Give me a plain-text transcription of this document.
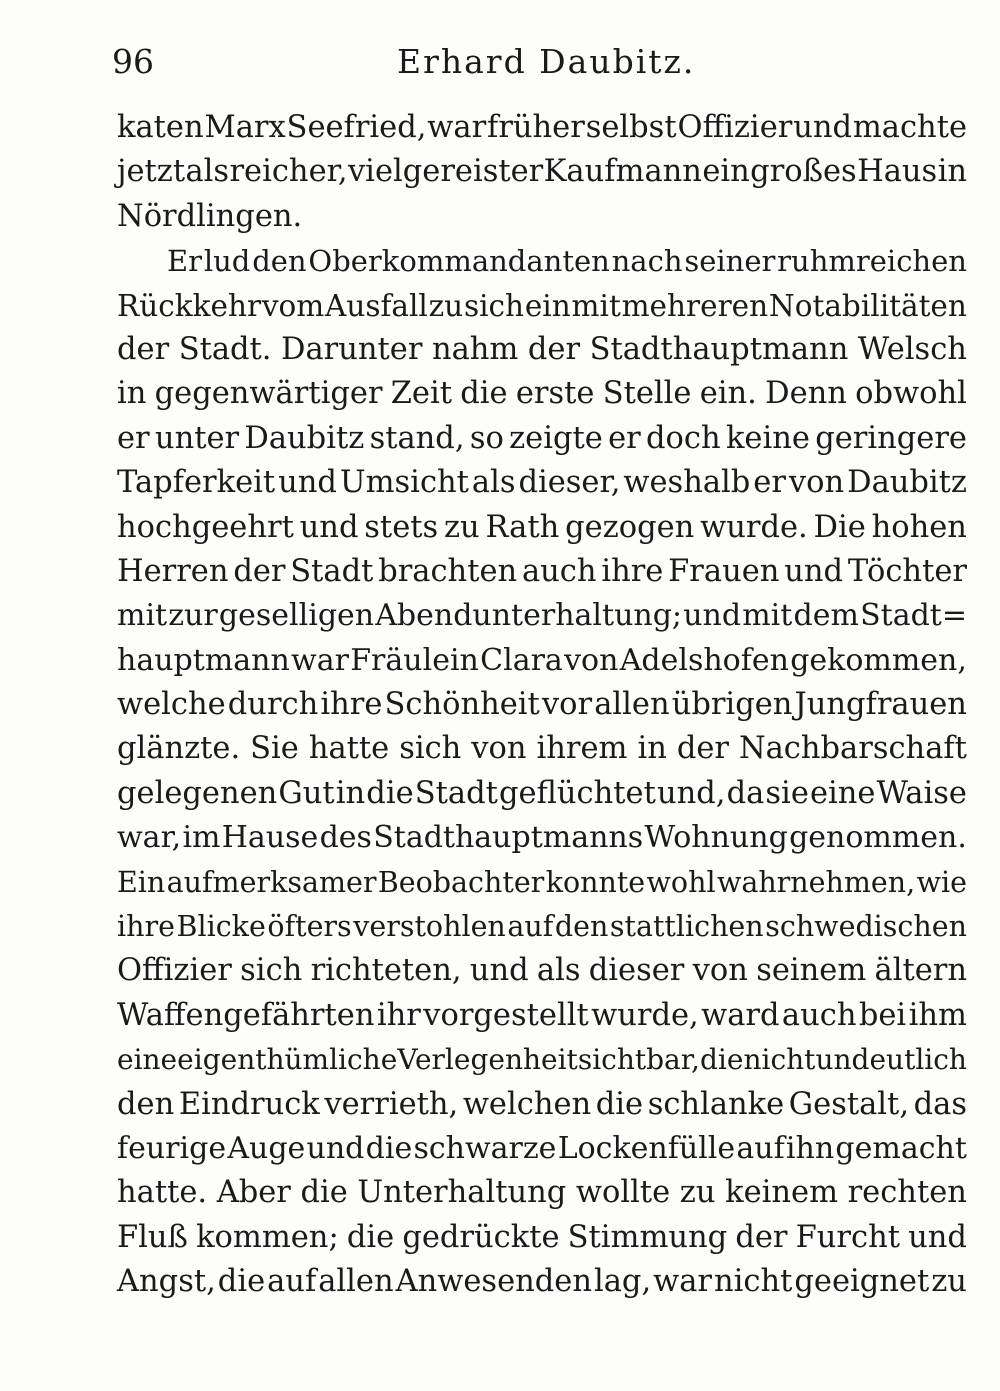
96	Erhard Daubitz.
katen Marx Seefried, war früher selbst Offizier und machte
jetzt als reicher, vielgereister Kaufmann ein großes Haus in
Nördlingen.
Er lud den Oberkommandanten nach seiner ruhmreichen
Rückkehr vom Ausfall zu sich ein mit mehreren Notabilitäten
der Stadt. Darunter nahm der Stadthauptmann Welsch
in gegenwärtiger Zeit die erste Stelle ein. Denn obwohl
er unter Daubitz stand, so zeigte er doch keine geringere
Tapferkeit und Umsicht als dieser, weshalb er von Daubitz
hochgeehrt und stets zu Rath gezogen wurde. Die hohen
Herren der Stadt brachten auch ihre Frauen und Töchter
mit zur geselligen Abendunterhaltung; und mit dem Stadt=
hauptmann war Fräulein Clara von Adelshofen gekommen,
welche durch ihre Schönheit vor allen übrigen Jungfrauen
glänzte. Sie hatte sich von ihrem in der Nachbarschaft
gelegenen Gut in die Stadt geflüchtet und, da sie eine Waise
war, im Hause des Stadthauptmanns Wohnung genommen.
Ein aufmerksamer Beobachter konnte wohl wahrnehmen, wie
ihre Blicke öfters verstohlen auf den stattlichen schwedischen
Offizier sich richteten, und als dieser von seinem ältern
Waffengefährten ihr vorgestellt wurde, ward auch bei ihm
eine eigenthümliche Verlegenheit sichtbar, die nicht undeutlich
den Eindruck verrieth, welchen die schlanke Gestalt, das
feurige Auge und die schwarze Lockenfülle auf ihn gemacht
hatte. Aber die Unterhaltung wollte zu keinem rechten
Fluß kommen; die gedrückte Stimmung der Furcht und
Angst, die auf allen Anwesenden lag, war nicht geeignet zu
